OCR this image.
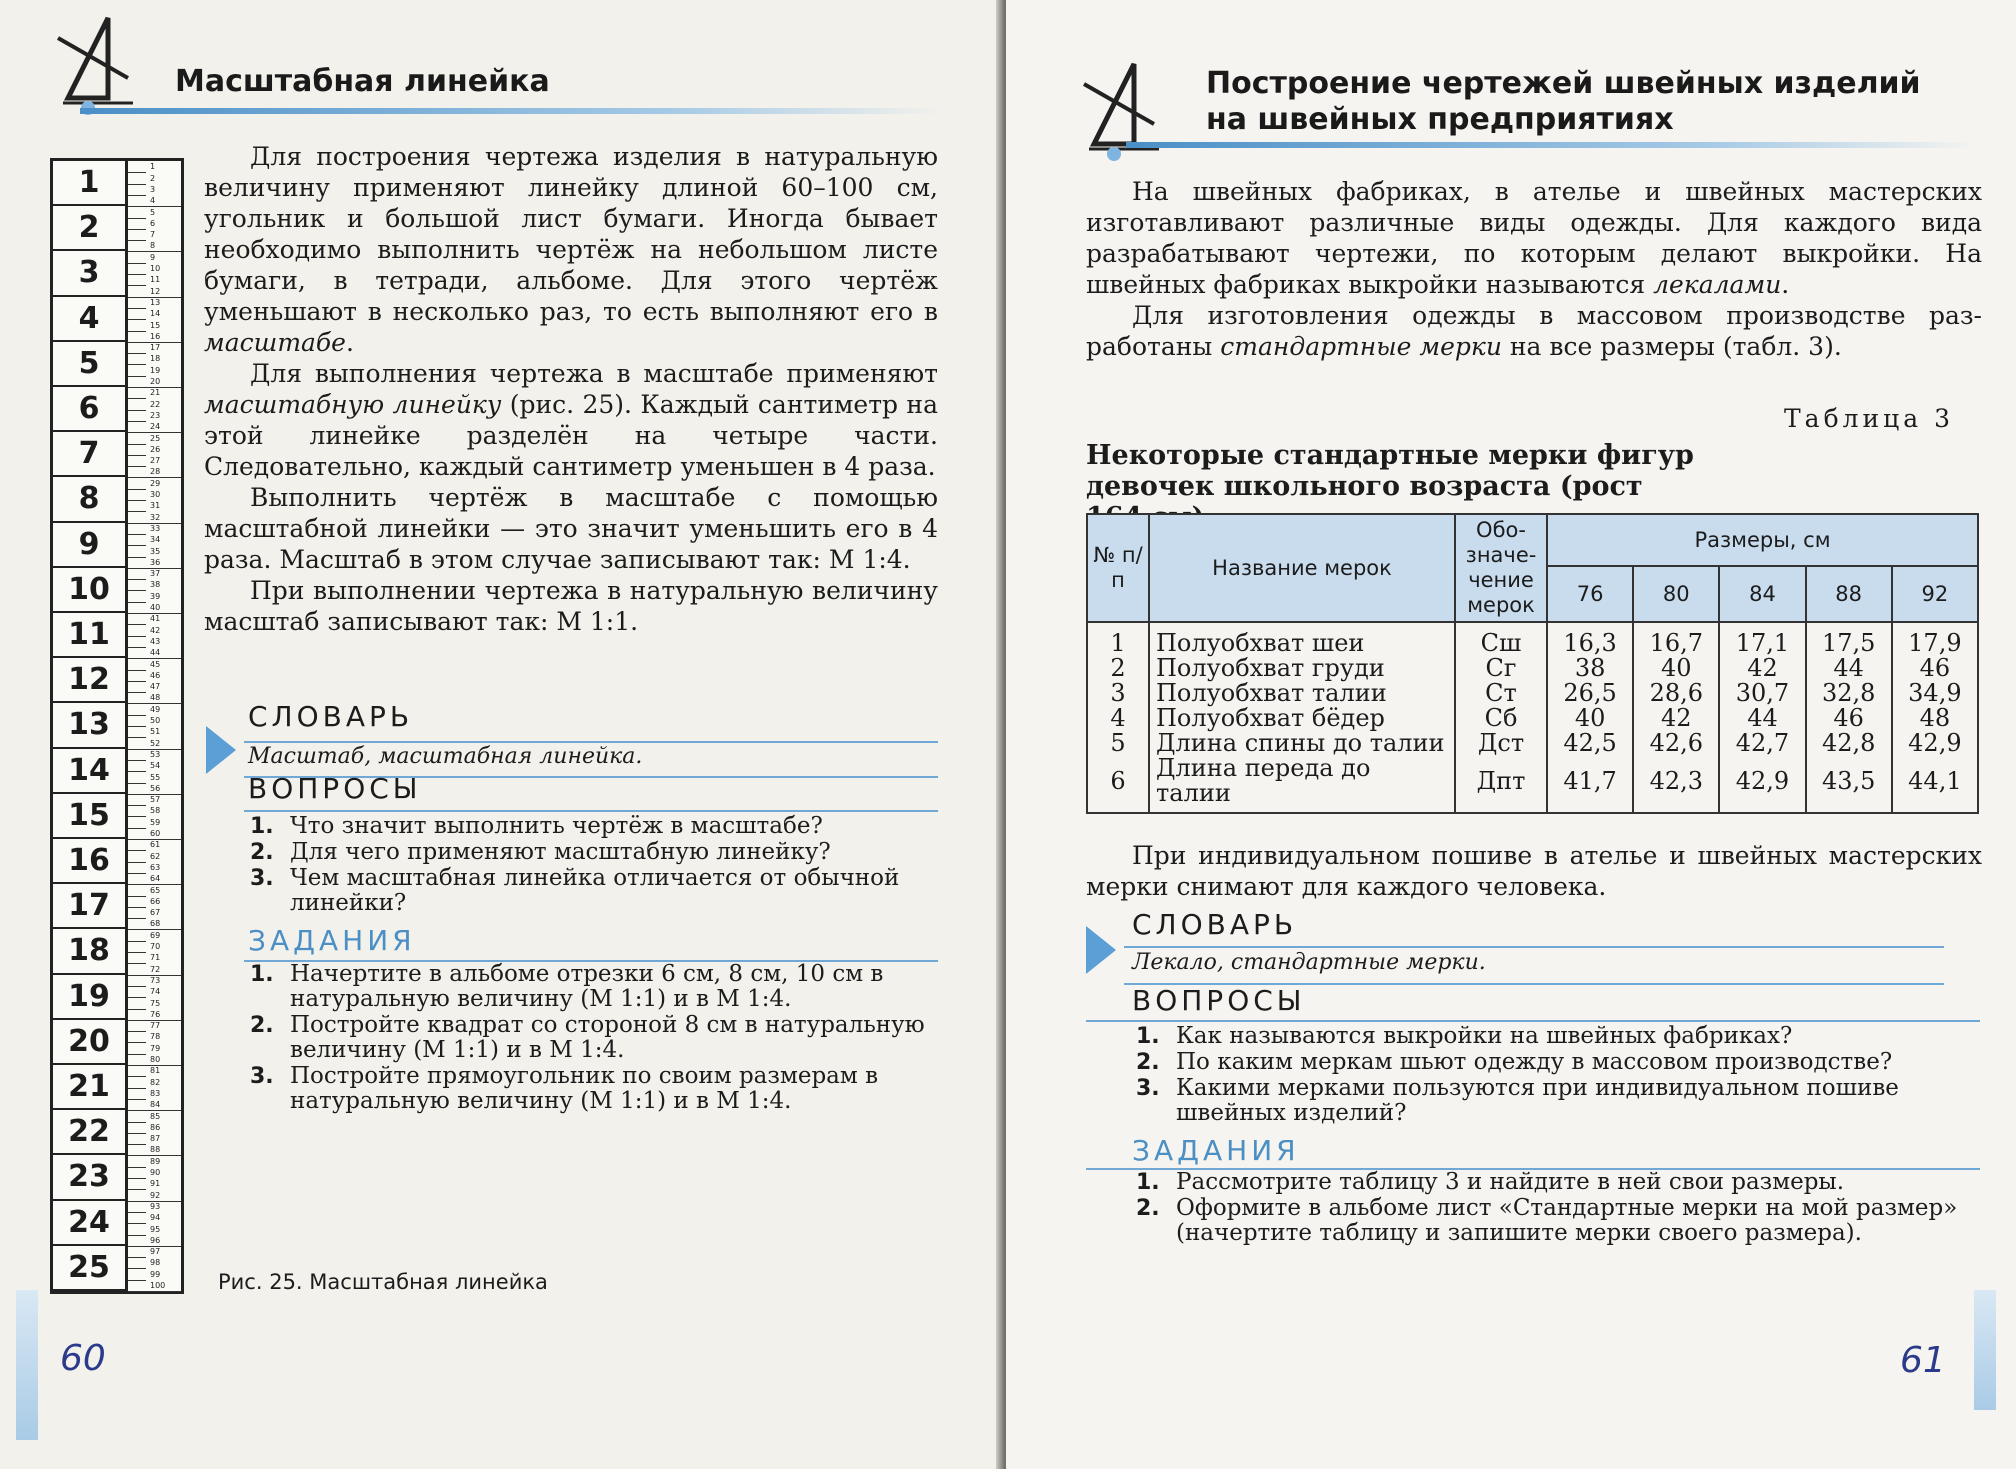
Масштабная линейка
1
2
3
4
5
6
7
8
9
10
11
12
13
14
15
16
17
18
19
20
21
22
23
24
25
26
27
28
29
30
31
32
33
34
35
36
37
38
39
40
41
42
43
44
45
46
47
48
49
50
51
52
53
54
55
56
57
58
59
60
61
62
63
64
65
66
67
68
69
70
71
72
73
74
75
76
77
78
79
80
81
82
83
84
85
86
87
88
89
90
91
92
93
94
95
96
97
98
99
100
1
2
3
4
5
6
7
8
9
10
11
12
13
14
15
16
17
18
19
20
21
22
23
24
25	Рис. 25. Масштабная линейка

Для построения чертежа изделия в натуральную величину применяют линейку длиной 60–100 см, угольник и большой лист бумаги. Иногда бывает необходимо выполнить чертёж на небольшом листе бумаги, в тетради, альбоме. Для этого чертёж уменьшают в несколько раз, то есть выполняют его в масштабе.

Для выполнения чертежа в масштабе применяют масштабную линейку (рис. 25). Каждый сантиметр на этой линейке разделён на четыре части. Следовательно, каждый сантиметр уменьшен в 4 раза.

Выполнить чертёж в масштабе с помощью масштабной линейки — это значит уменьшить его в 4 раза. Масштаб в этом случае записывают так: М 1:4.

При выполнении чертежа в натуральную величину масштаб записывают так: М 1:1.

СЛОВАРЬ
Масштаб, масштабная линейка.
ВОПРОСЫ
1. Что значит выполнить чертёж в масштабе?
2. Для чего применяют масштабную линейку?
3. Чем масштабная линейка отличается от обычной линейки?
ЗАДАНИЯ
1. Начертите в альбоме отрезки 6 см, 8 см, 10 см в натуральную величину (М 1:1) и в М 1:4.
2. Постройте квадрат со стороной 8 см в натуральную величину (М 1:1) и в М 1:4.
3. Постройте прямоугольник по своим размерам в натуральную величину (М 1:1) и в М 1:4.
60
Построение чертежей швейных изделий
на швейных предприятиях

На швейных фабриках, в ателье и швейных мастерских изготавливают различные виды одежды. Для каждого вида разрабатывают чертежи, по которым делают выкройки. На швейных фабриках выкройки называются лекалами.

Для изготовления одежды в массовом производстве разработаны стандартные мерки на все размеры (табл. 3).

Таблица 3
Некоторые стандартные мерки фигур девочек школьного возраста (рост
№ п/п	Название мерок	Обозначечение мерок	Размеры, см				
			76	80	84	88	92
1	Полуобхват шеи	Сш	16,3	16,7	17,1	17,5	17,9
2	Полуобхват груди	Сг	38	40	42	44	46
3	Полуобхват талии	Ст	26,5	28,6	30,7	32,8	34,9
4	Полуобхват бёдер	Сб	40	42	44	46	48
5	Длина спины до талии	Дст	42,5	42,6	42,7	42,8	42,9
6	Длина переда до талии	Дпт	41,7	42,3	42,9	43,5	44,1

При индивидуальном пошиве в ателье и швейных мастерских мерки снимают для каждого человека.

СЛОВАРЬ
Лекало, стандартные мерки.
ВОПРОСЫ
1. Как называются выкройки на швейных фабриках?
2. По каким меркам шьют одежду в массовом производстве?
3. Какими мерками пользуются при индивидуальном пошиве швейных изделий?
ЗАДАНИЯ
1. Рассмотрите таблицу 3 и найдите в ней свои размеры.
2. Оформите в альбоме лист «Стандартные мерки на мой размер» (начертите таблицу и запишите мерки своего размера).
61
